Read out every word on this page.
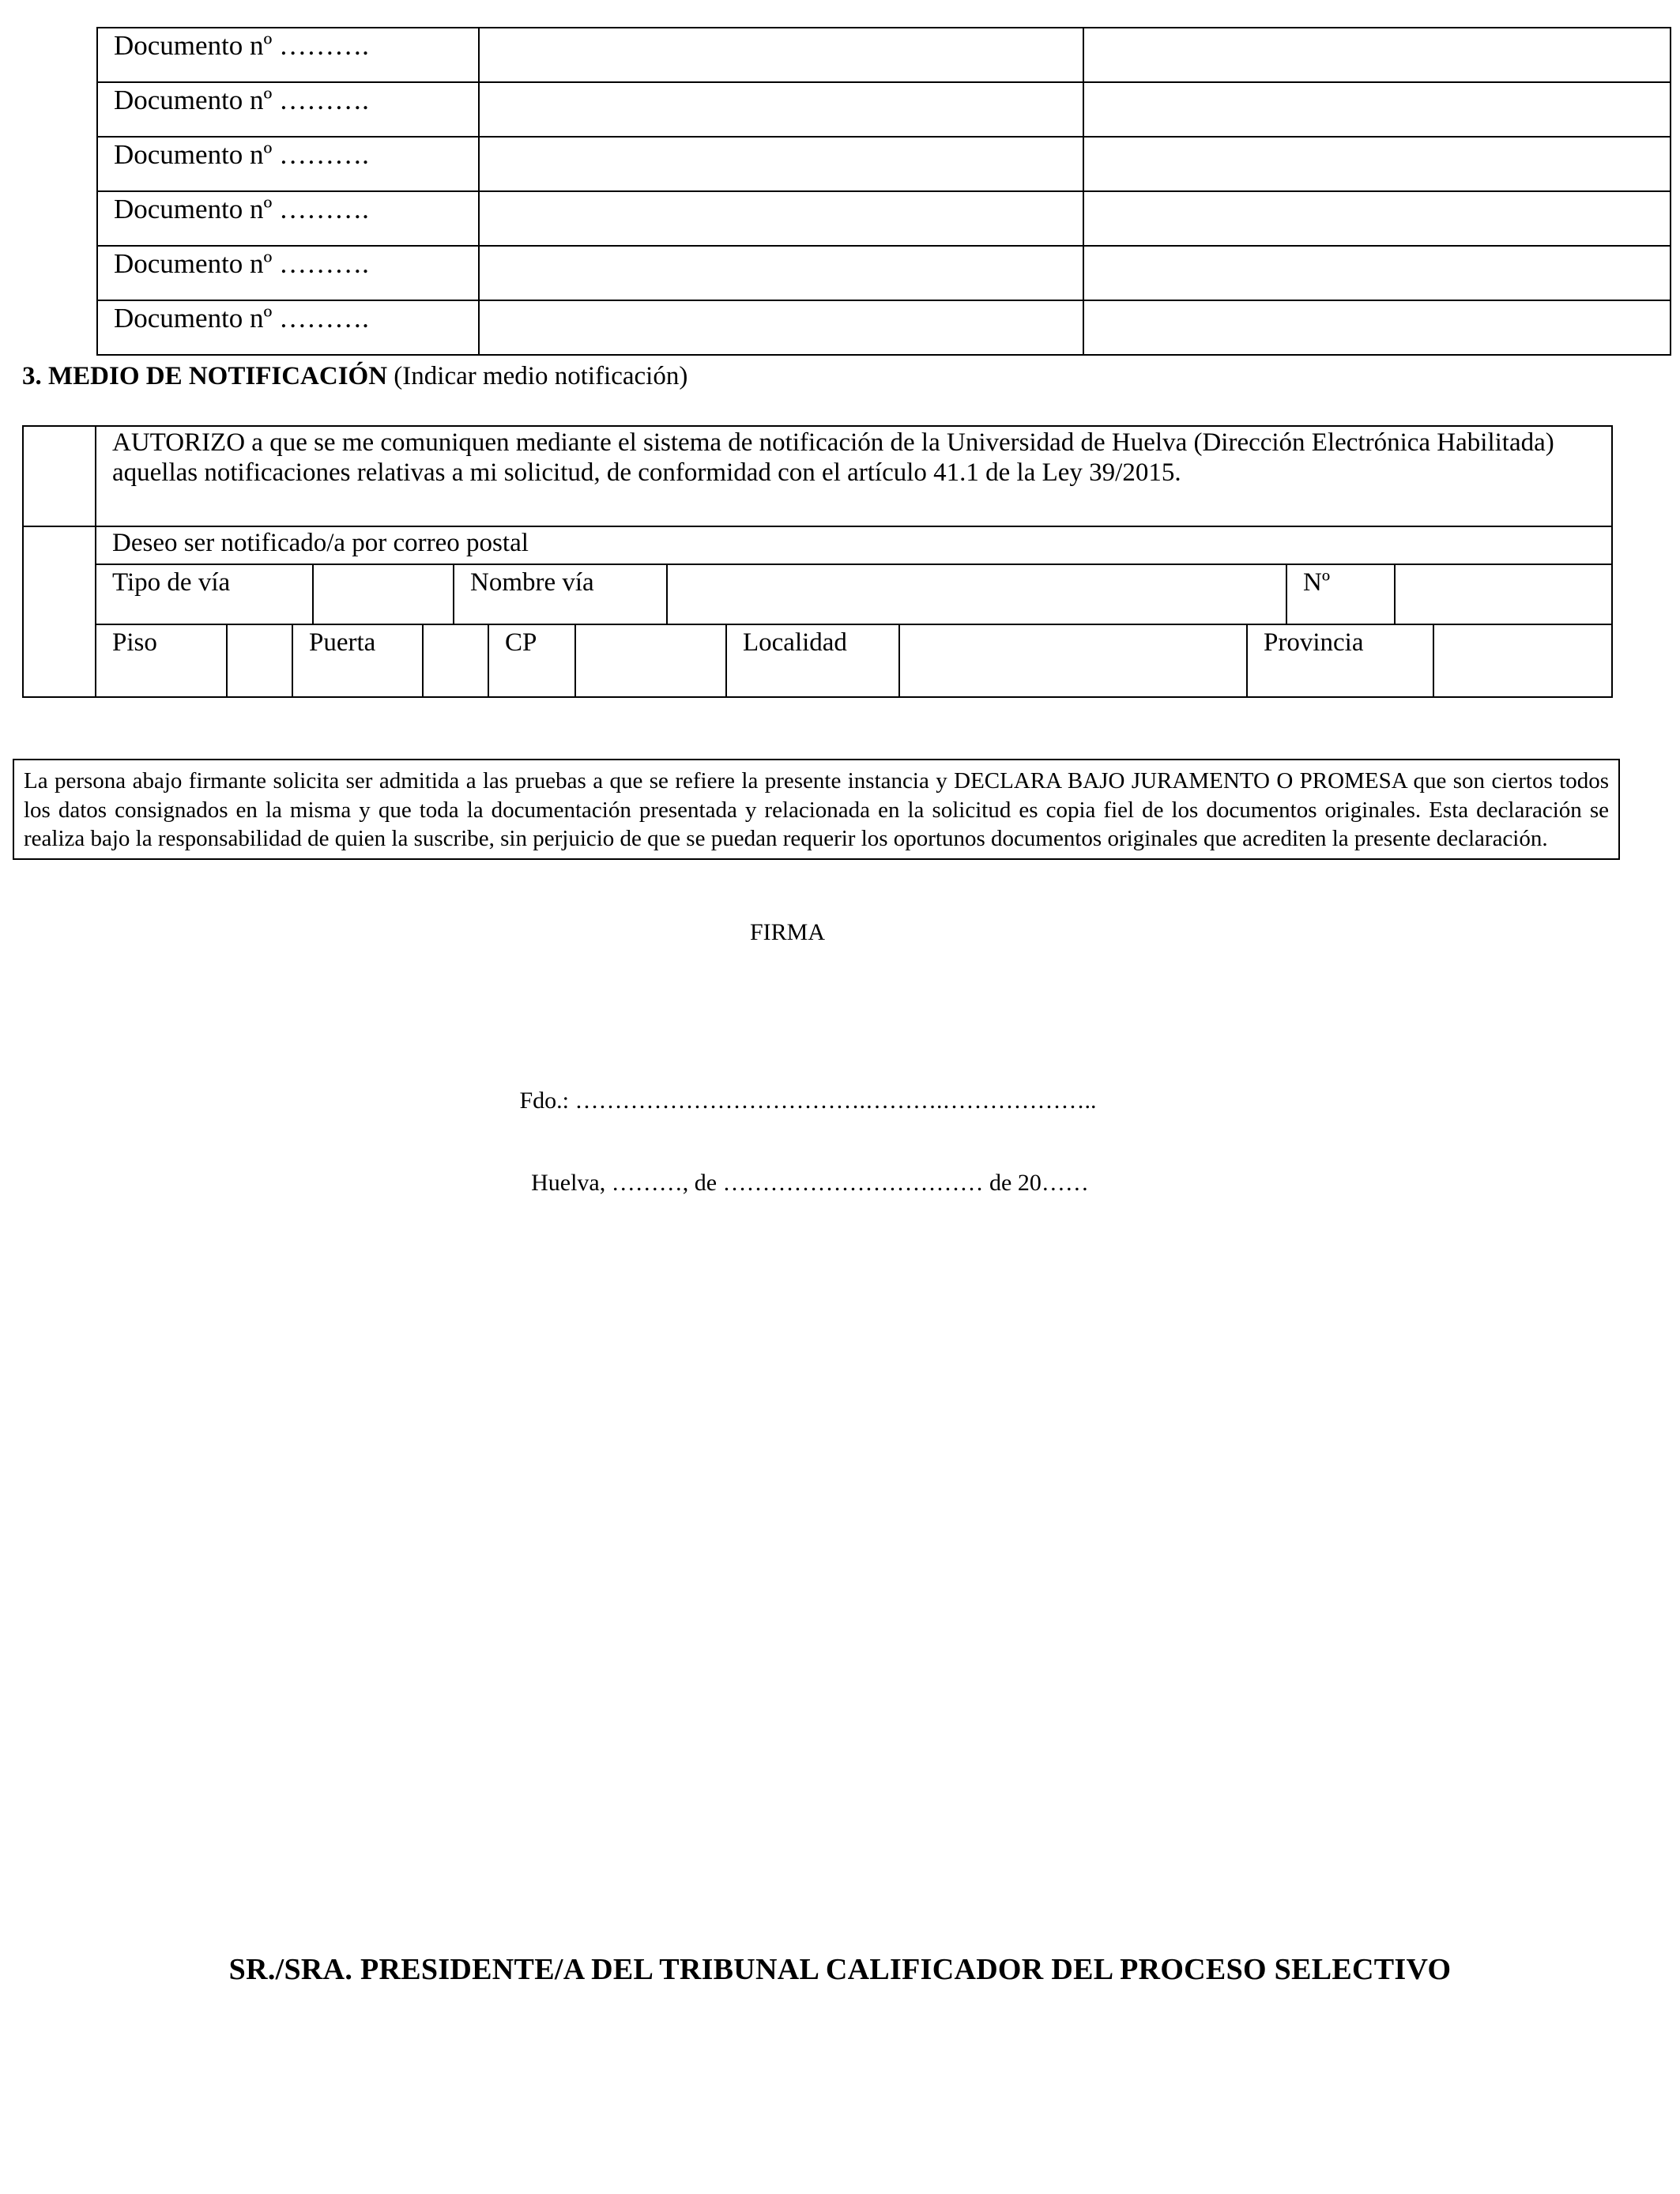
Documento nº ……….		
Documento nº ……….		
Documento nº ……….		
Documento nº ……….		
Documento nº ……….		
Documento nº ……….		
3. MEDIO DE NOTIFICACIÓN (Indicar medio notificación)
	AUTORIZO a que se me comuniquen mediante el sistema de notificación de la Universidad de Huelva (Dirección Electrónica Habilitada) aquellas notificaciones relativas a mi solicitud, de conformidad con el artículo 41.1 de la Ley 39/2015.
	Deseo ser notificado/a por correo postal

Tipo de vía		Nombre vía		Nº	

Piso		Puerta		CP		Localidad		Provincia	
La persona abajo firmante solicita ser admitida a las pruebas a que se refiere la presente instancia y DECLARA BAJO JURAMENTO O PROMESA que son ciertos todos los datos consignados en la misma y que toda la documentación presentada y relacionada en la solicitud es copia fiel de los documentos originales. Esta declaración se realiza bajo la responsabilidad de quien la suscribe, sin perjuicio de que se puedan requerir los oportunos documentos originales que acrediten la presente declaración.
FIRMA
Fdo.: ……………………………….……….………………..
Huelva, ………, de …………………………… de 20……
SR./SRA. PRESIDENTE/A DEL TRIBUNAL CALIFICADOR DEL PROCESO SELECTIVO
